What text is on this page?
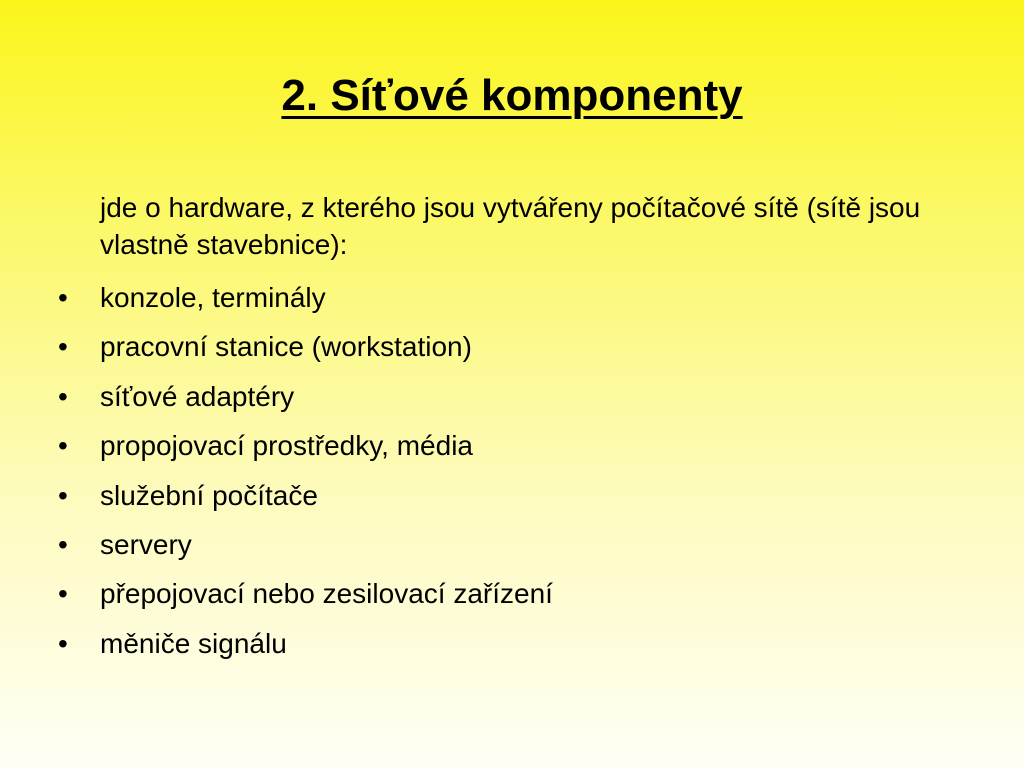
2. Síťové komponenty

jde o hardware, z kterého jsou vytvářeny počítačové sítě (sítě jsou vlastně stavebnice):

• konzole, terminály
• pracovní stanice (workstation)
• síťové adaptéry
• propojovací prostředky, média
• služební počítače
• servery
• přepojovací nebo zesilovací zařízení
• měniče signálu
